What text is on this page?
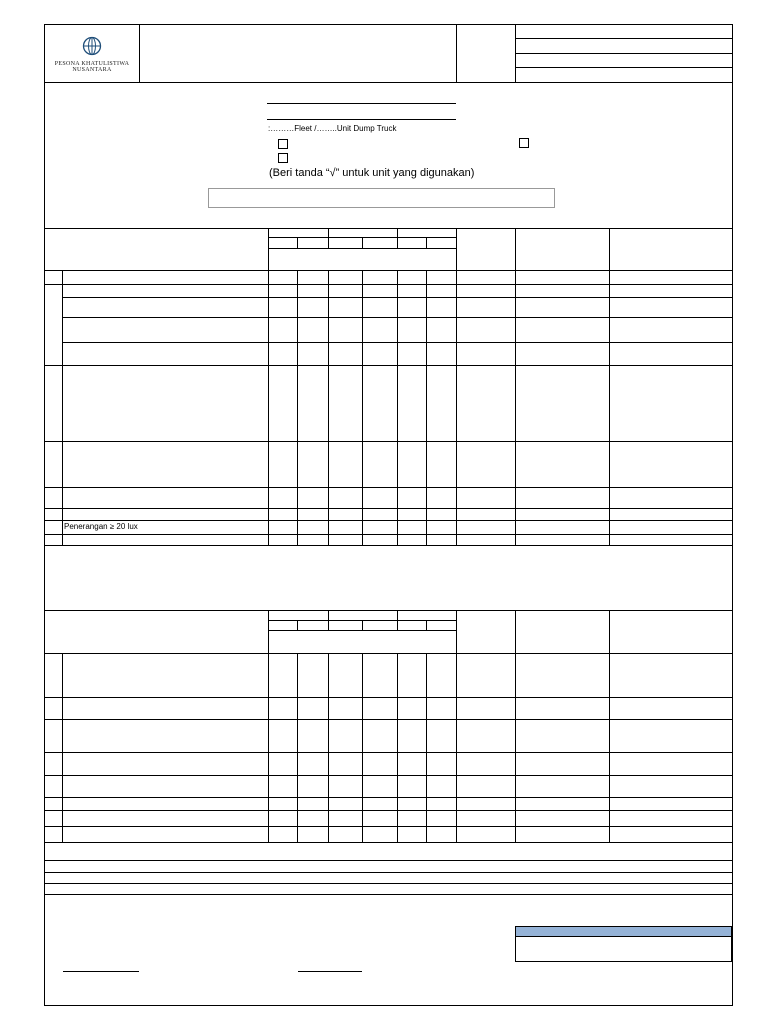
PESONA KHATULISTIWA
NUSANTARA
:………Fleet /……..Unit Dump Truck
(Beri tanda “√” untuk unit yang digunakan)
Penerangan ≥ 20 lux
